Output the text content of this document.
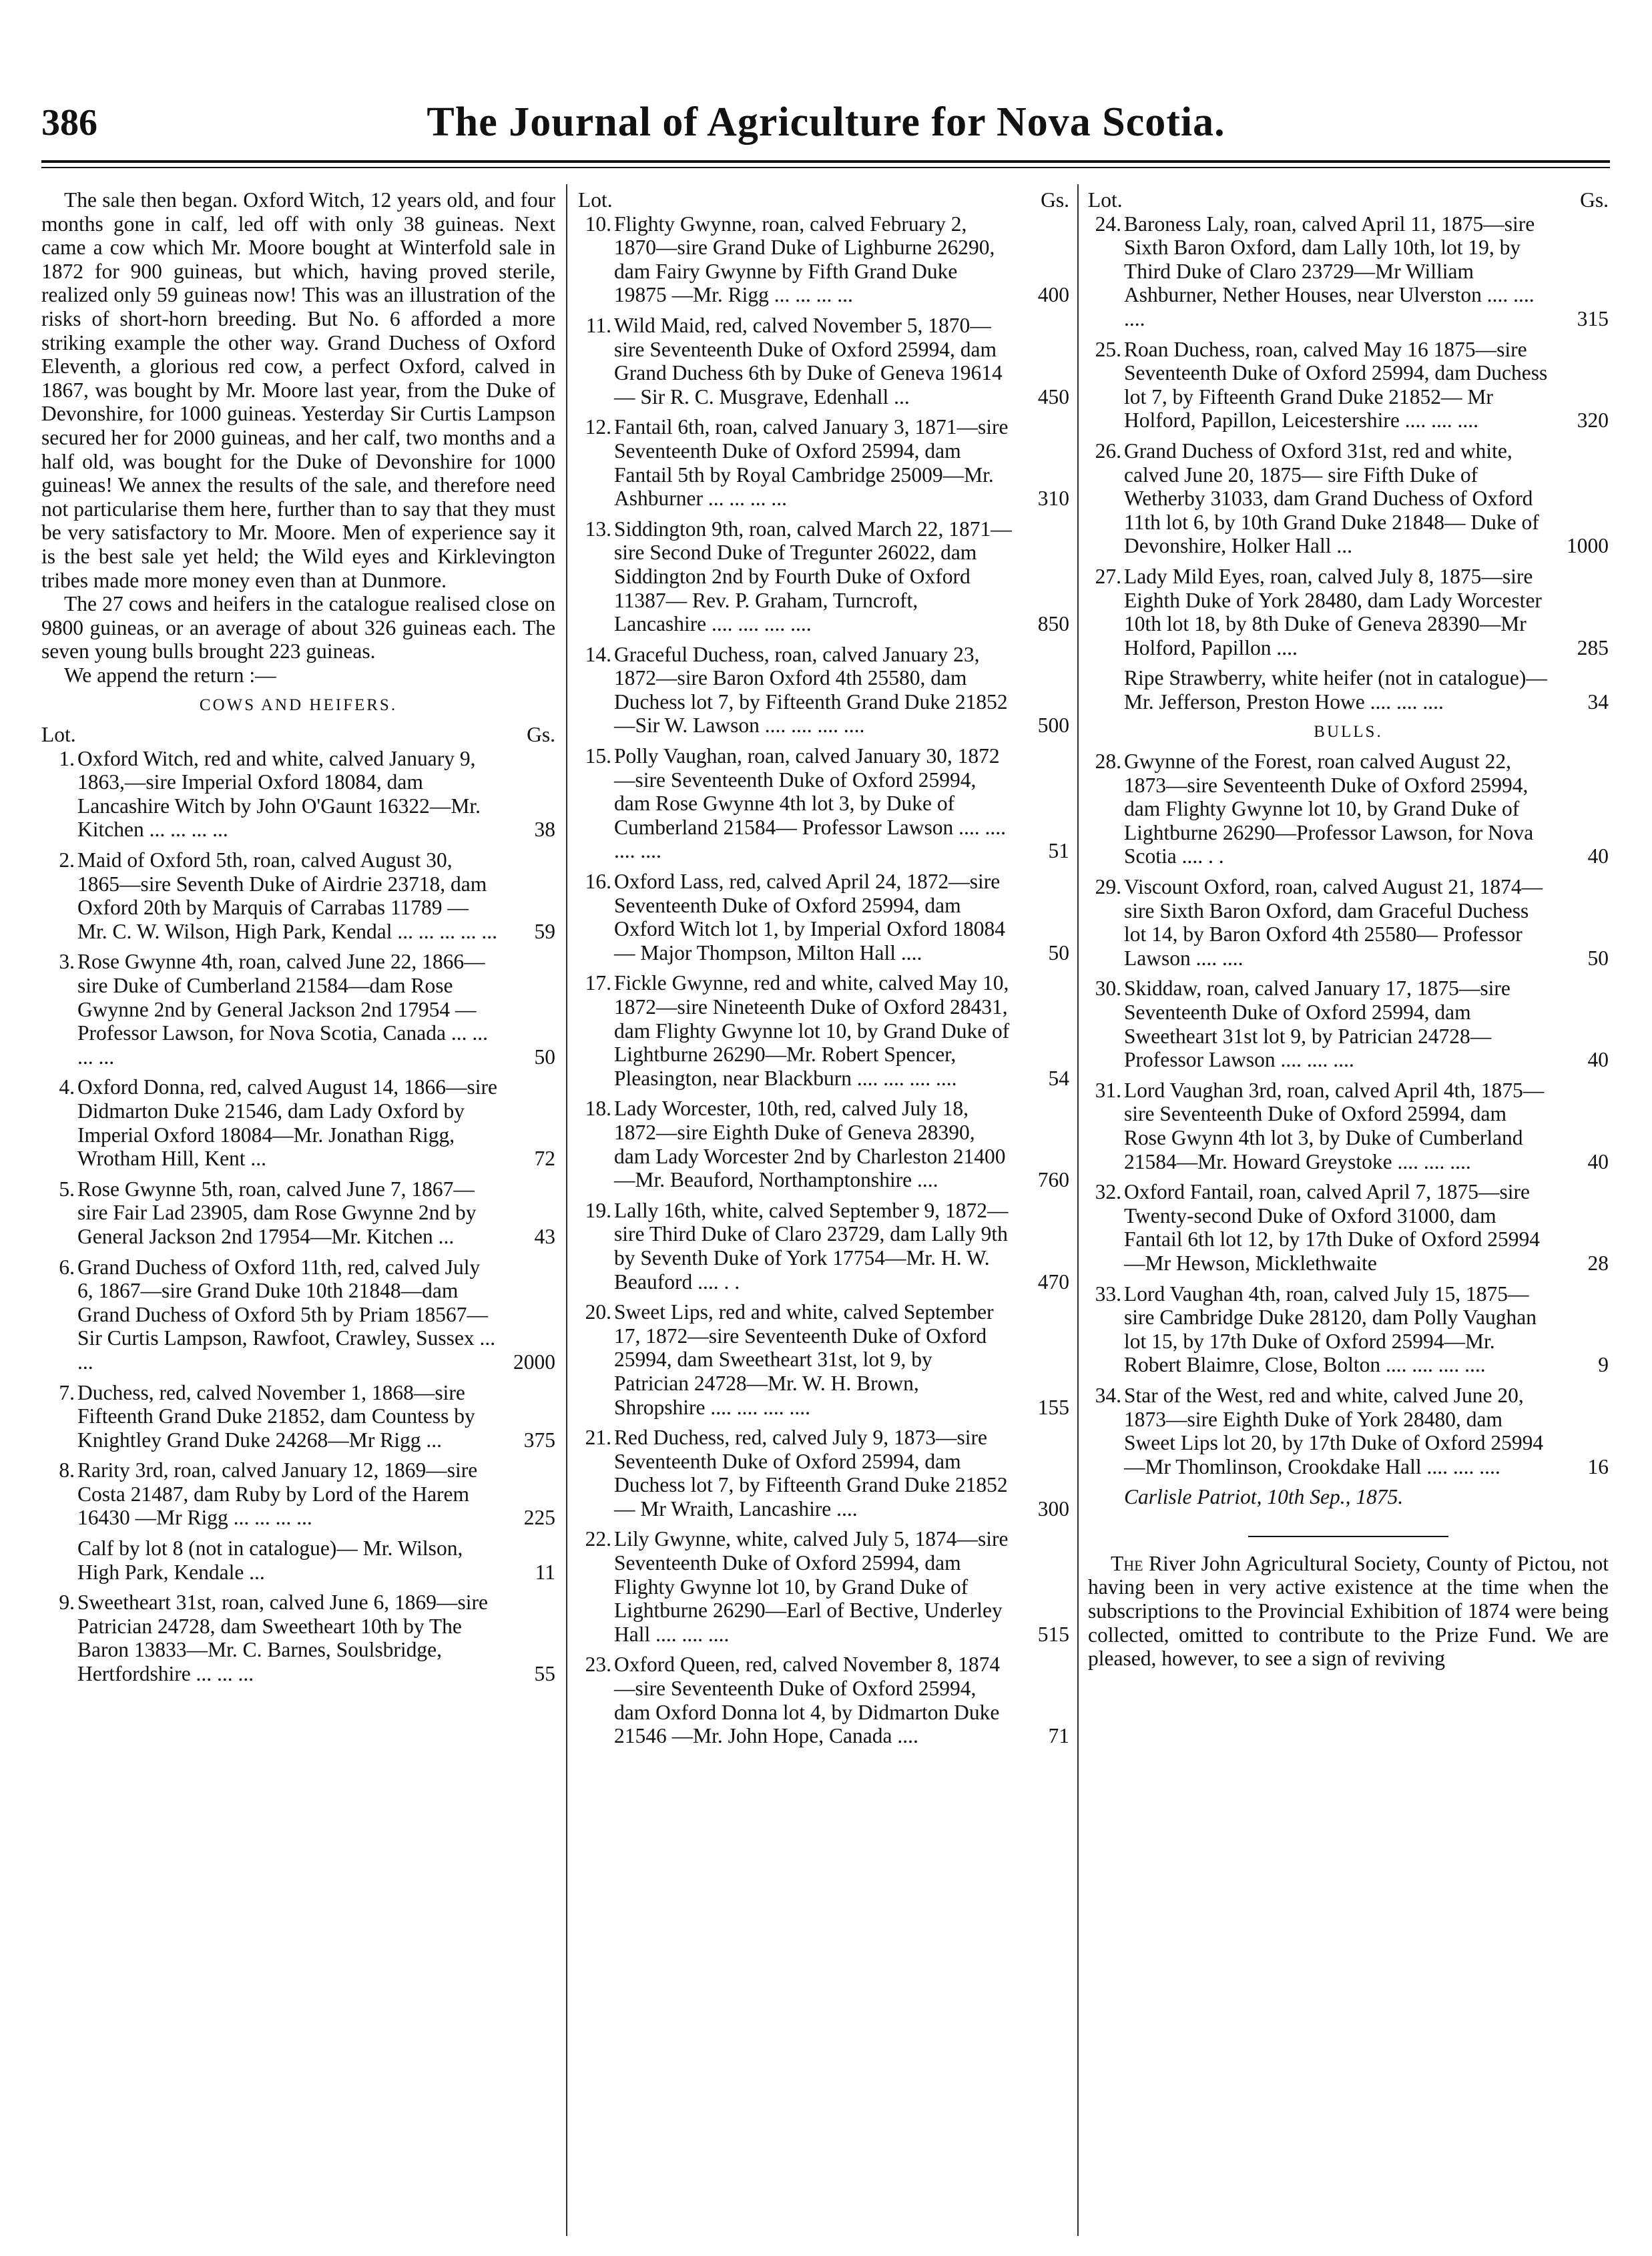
386	The Journal of Agriculture for Nova Scotia.

The sale then began. Oxford Witch, 12 years old, and four months gone in calf, led off with only 38 guineas. Next came a cow which Mr. Moore bought at Winterfold sale in 1872 for 900 guineas, but which, having proved sterile, realized only 59 guineas now! This was an illustration of the risks of short-horn breeding. But No. 6 afforded a more striking example the other way. Grand Duchess of Oxford Eleventh, a glorious red cow, a perfect Oxford, calved in 1867, was bought by Mr. Moore last year, from the Duke of Devonshire, for 1000 guineas. Yesterday Sir Curtis Lampson secured her for 2000 guineas, and her calf, two months and a half old, was bought for the Duke of Devonshire for 1000 guineas! We annex the results of the sale, and therefore need not particularise them here, further than to say that they must be very satisfactory to Mr. Moore. Men of experience say it is the best sale yet held; the Wild eyes and Kirklevington tribes made more money even than at Dunmore.

The 27 cows and heifers in the catalogue realised close on 9800 guineas, or an average of about 326 guineas each. The seven young bulls brought 223 guineas.

We append the return :—

COWS AND HEIFERS.
Lot.	Gs.
1. Oxford Witch, red and white, calved January 9, 1863,—sire Imperial Oxford 18084, dam Lancashire Witch by John O'Gaunt 16322—Mr. Kitchen ... ... ... ...	38
2. Maid of Oxford 5th, roan, calved August 30, 1865—sire Seventh Duke of Airdrie 23718, dam Oxford 20th by Marquis of Carrabas 11789 —Mr. C. W. Wilson, High Park, Kendal ... ... ... ... ... 59
3. Rose Gwynne 4th, roan, calved June 22, 1866—sire Duke of Cumberland 21584—dam Rose Gwynne 2nd by General Jackson 2nd 17954 —Professor Lawson, for Nova Scotia, Canada ... ... ... ...	50
4. Oxford Donna, red, calved August 14, 1866—sire Didmarton Duke 21546, dam Lady Oxford by Imperial Oxford 18084—Mr. Jonathan Rigg, Wrotham Hill, Kent ...	72
5. Rose Gwynne 5th, roan, calved June 7, 1867—sire Fair Lad 23905, dam Rose Gwynne 2nd by General Jackson 2nd 17954—Mr. Kitchen ...	43
6. Grand Duchess of Oxford 11th, red, calved July 6, 1867—sire Grand Duke 10th 21848—dam Grand Duchess of Oxford 5th by Priam 18567—Sir Curtis Lampson, Rawfoot, Crawley, Sussex ... ...	2000
7. Duchess, red, calved November 1, 1868—sire Fifteenth Grand Duke 21852, dam Countess by Knightley Grand Duke 24268—Mr Rigg ...	375
8. Rarity 3rd, roan, calved January 12, 1869—sire Costa 21487, dam Ruby by Lord of the Harem 16430 —Mr Rigg ... ... ... ...	225
Calf by lot 8 (not in catalogue)— Mr. Wilson, High Park, Kendale ...	11
9. Sweetheart 31st, roan, calved June 6, 1869—sire Patrician 24728, dam Sweetheart 10th by The Baron 13833—Mr. C. Barnes, Soulsbridge, Hertfordshire ... ... ...	55
Lot.	Gs.
10. Flighty Gwynne, roan, calved February 2, 1870—sire Grand Duke of Lighburne 26290, dam Fairy Gwynne by Fifth Grand Duke 19875 —Mr. Rigg ... ... ... ...	400
11. Wild Maid, red, calved November 5, 1870—sire Seventeenth Duke of Oxford 25994, dam Grand Duchess 6th by Duke of Geneva 19614— Sir R. C. Musgrave, Edenhall ...	450
12. Fantail 6th, roan, calved January 3, 1871—sire Seventeenth Duke of Oxford 25994, dam Fantail 5th by Royal Cambridge 25009—Mr. Ashburner ... ... ... ...	310
13. Siddington 9th, roan, calved March 22, 1871—sire Second Duke of Tregunter 26022, dam Siddington 2nd by Fourth Duke of Oxford 11387— Rev. P. Graham, Turncroft, Lancashire .... .... .... ....	850
14. Graceful Duchess, roan, calved January 23, 1872—sire Baron Oxford 4th 25580, dam Duchess lot 7, by Fifteenth Grand Duke 21852—Sir W. Lawson .... .... .... ....	500
15. Polly Vaughan, roan, calved January 30, 1872—sire Seventeenth Duke of Oxford 25994, dam Rose Gwynne 4th lot 3, by Duke of Cumberland 21584— Professor Lawson .... .... .... ....	51
16. Oxford Lass, red, calved April 24, 1872—sire Seventeenth Duke of Oxford 25994, dam Oxford Witch lot 1, by Imperial Oxford 18084— Major Thompson, Milton Hall ....	50
17. Fickle Gwynne, red and white, calved May 10, 1872—sire Nineteenth Duke of Oxford 28431, dam Flighty Gwynne lot 10, by Grand Duke of Lightburne 26290—Mr. Robert Spencer, Pleasington, near Blackburn .... .... .... ....	54
18. Lady Worcester, 10th, red, calved July 18, 1872—sire Eighth Duke of Geneva 28390, dam Lady Worcester 2nd by Charleston 21400—Mr. Beauford, Northamptonshire ....	760
19. Lally 16th, white, calved September 9, 1872—sire Third Duke of Claro 23729, dam Lally 9th by Seventh Duke of York 17754—Mr. H. W. Beauford .... . .	470
20. Sweet Lips, red and white, calved September 17, 1872—sire Seventeenth Duke of Oxford 25994, dam Sweetheart 31st, lot 9, by Patrician 24728—Mr. W. H. Brown, Shropshire .... .... .... ....	155
21. Red Duchess, red, calved July 9, 1873—sire Seventeenth Duke of Oxford 25994, dam Duchess lot 7, by Fifteenth Grand Duke 21852— Mr Wraith, Lancashire ....	300
22. Lily Gwynne, white, calved July 5, 1874—sire Seventeenth Duke of Oxford 25994, dam Flighty Gwynne lot 10, by Grand Duke of Lightburne 26290—Earl of Bective, Underley Hall .... .... ....	515
23. Oxford Queen, red, calved November 8, 1874—sire Seventeenth Duke of Oxford 25994, dam Oxford Donna lot 4, by Didmarton Duke 21546 —Mr. John Hope, Canada ....	71
Lot.	Gs.
24. Baroness Laly, roan, calved April 11, 1875—sire Sixth Baron Oxford, dam Lally 10th, lot 19, by Third Duke of Claro 23729—Mr William Ashburner, Nether Houses, near Ulverston .... .... ....	315
25. Roan Duchess, roan, calved May 16 1875—sire Seventeenth Duke of Oxford 25994, dam Duchess lot 7, by Fifteenth Grand Duke 21852— Mr Holford, Papillon, Leicestershire .... .... ....	320
26. Grand Duchess of Oxford 31st, red and white, calved June 20, 1875— sire Fifth Duke of Wetherby 31033, dam Grand Duchess of Oxford 11th lot 6, by 10th Grand Duke 21848— Duke of Devonshire, Holker Hall ...	1000
27. Lady Mild Eyes, roan, calved July 8, 1875—sire Eighth Duke of York 28480, dam Lady Worcester 10th lot 18, by 8th Duke of Geneva 28390—Mr Holford, Papillon ....	285
Ripe Strawberry, white heifer (not in catalogue)—Mr. Jefferson, Preston Howe .... .... ....	34
BULLS.
28. Gwynne of the Forest, roan calved August 22, 1873—sire Seventeenth Duke of Oxford 25994, dam Flighty Gwynne lot 10, by Grand Duke of Lightburne 26290—Professor Lawson, for Nova Scotia .... . .	40
29. Viscount Oxford, roan, calved August 21, 1874—sire Sixth Baron Oxford, dam Graceful Duchess lot 14, by Baron Oxford 4th 25580— Professor Lawson .... ....	50
30. Skiddaw, roan, calved January 17, 1875—sire Seventeenth Duke of Oxford 25994, dam Sweetheart 31st lot 9, by Patrician 24728—Professor Lawson .... .... ....	40
31. Lord Vaughan 3rd, roan, calved April 4th, 1875—sire Seventeenth Duke of Oxford 25994, dam Rose Gwynn 4th lot 3, by Duke of Cumberland 21584—Mr. Howard Greystoke .... .... ....	40
32. Oxford Fantail, roan, calved April 7, 1875—sire Twenty-second Duke of Oxford 31000, dam Fantail 6th lot 12, by 17th Duke of Oxford 25994—Mr Hewson, Micklethwaite	28
33. Lord Vaughan 4th, roan, calved July 15, 1875—sire Cambridge Duke 28120, dam Polly Vaughan lot 15, by 17th Duke of Oxford 25994—Mr. Robert Blaimre, Close, Bolton .... .... .... ....	9
34. Star of the West, red and white, calved June 20, 1873—sire Eighth Duke of York 28480, dam Sweet Lips lot 20, by 17th Duke of Oxford 25994—Mr Thomlinson, Crookdake Hall .... .... ....	16
Carlisle Patriot, 10th Sep., 1875.

The River John Agricultural Society, County of Pictou, not having been in very active existence at the time when the subscriptions to the Provincial Exhibition of 1874 were being collected, omitted to contribute to the Prize Fund. We are pleased, however, to see a sign of reviving
